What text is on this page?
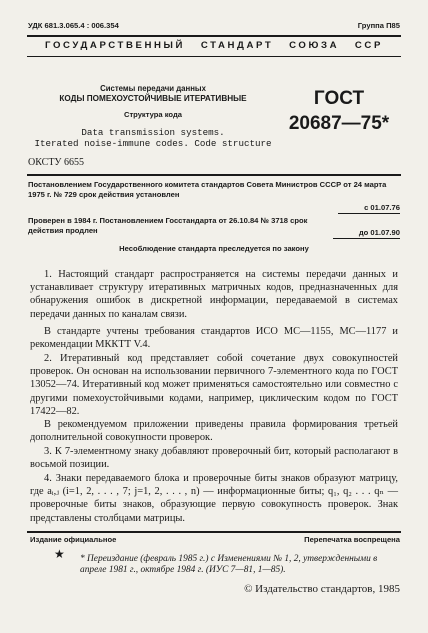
УДК 681.3.065.4 : 006.354	Группа П85
ГОСУДАРСТВЕННЫЙ   СТАНДАРТ   СОЮЗА   ССР
Системы передачи данных
КОДЫ ПОМЕХОУСТОЙЧИВЫЕ ИТЕРАТИВНЫЕ
Структура кода
Data transmission systems.
Iterated noise-immune codes. Code structure
ГОСТ
20687—75*
ОКСТУ 6655
Постановлением Государственного комитета стандартов Совета Министров СССР от 24 марта 1975 г. № 729 срок действия установлен
с 01.07.76
Проверен в 1984 г. Постановлением Госстандарта от 26.10.84 № 3718 срок действия продлен	до 01.07.90
Несоблюдение стандарта преследуется по закону
1. Настоящий стандарт распространяется на системы передачи данных и устанавливает структуру итеративных матричных кодов, предназначенных для обнаружения ошибок в дискретной информации, передаваемой в системах передачи данных по каналам связи.
В стандарте учтены требования стандартов ИСО МС—1155, МС—1177 и рекомендации МККТТ V.4.
2. Итеративный код представляет собой сочетание двух совокупностей проверок. Он основан на использовании первичного 7-элементного кода по ГОСТ 13052—74. Итеративный код может применяться самостоятельно или совместно с другими помехоустойчивыми кодами, например, циклическим кодом по ГОСТ 17422—82.
В рекомендуемом приложении приведены правила формирования третьей дополнительной совокупности проверок.
3. К 7-элементному знаку добавляют проверочный бит, который располагают в восьмой позиции.
4. Знаки передаваемого блока и проверочные биты знаков образуют матрицу, где aᵢ,ⱼ (i=1, 2, . . . , 7; j=1, 2, . . . , n) — информационные биты; q₁, q₂ . . . qₙ — проверочные биты знаков, образующие первую совокупность проверок. Знак представлены столбцами матрицы.
Издание официальное	Перепечатка воспрещена
★ * Переиздание (февраль 1985 г.) с Изменениями № 1, 2, утвержденными в апреле 1981 г., октябре 1984 г. (ИУС 7—81, 1—85).
© Издательство стандартов, 1985
